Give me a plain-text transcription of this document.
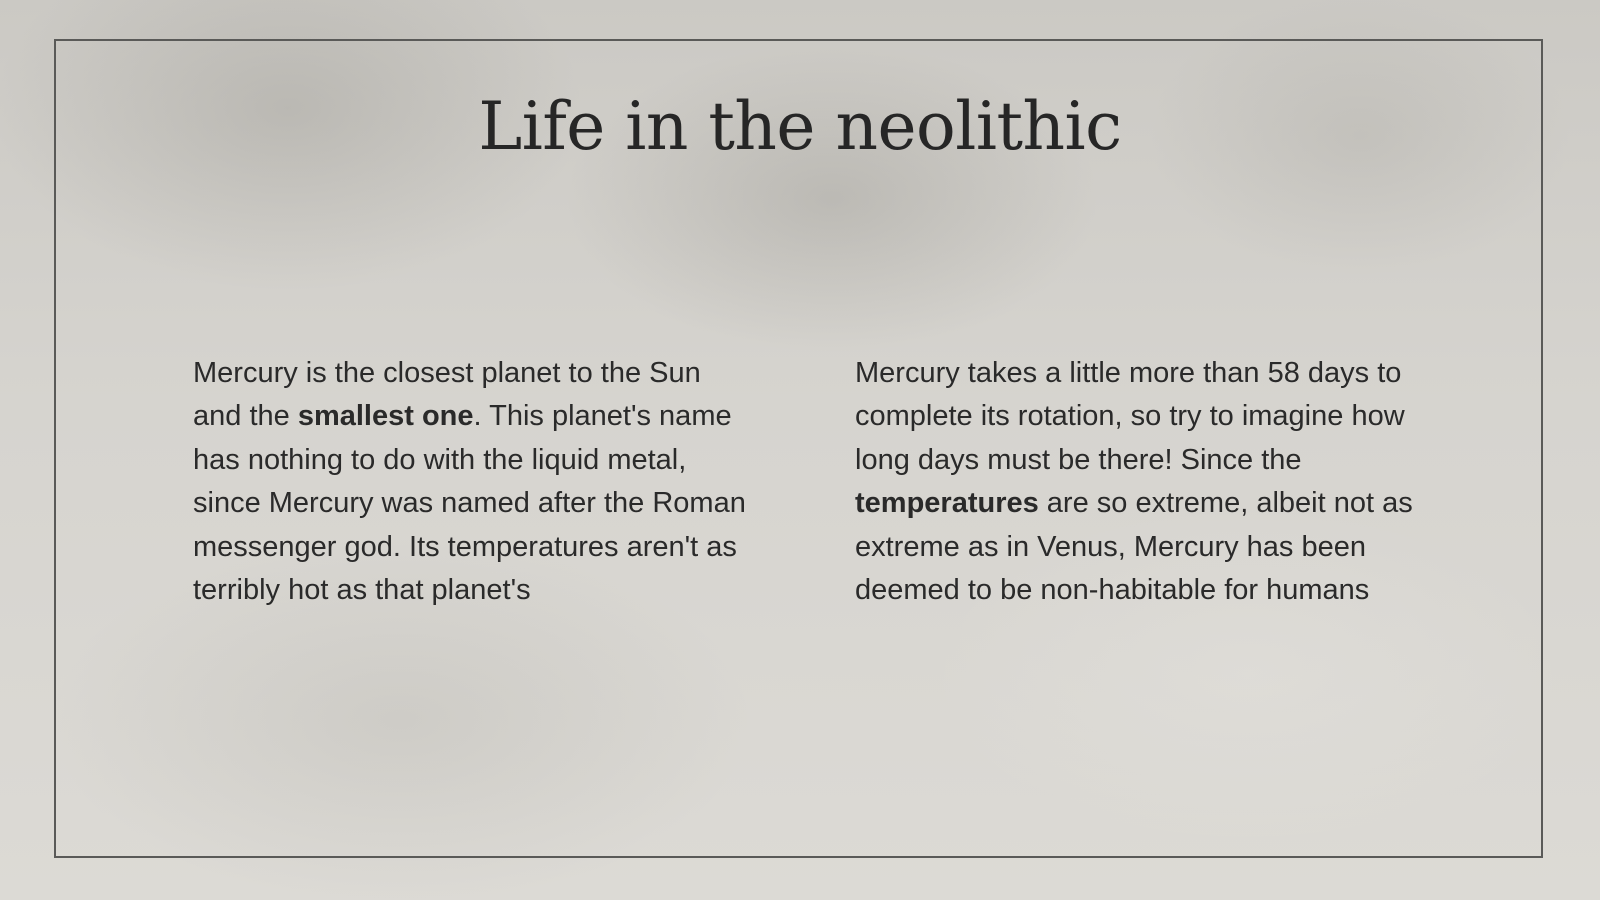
Life in the neolithic

Mercury is the closest planet to the Sun and the smallest one. This planet's name has nothing to do with the liquid metal, since Mercury was named after the Roman messenger god. Its temperatures aren't as terribly hot as that planet's

Mercury takes a little more than 58 days to complete its rotation, so try to imagine how long days must be there! Since the temperatures are so extreme, albeit not as extreme as in Venus, Mercury has been deemed to be non-habitable for humans
